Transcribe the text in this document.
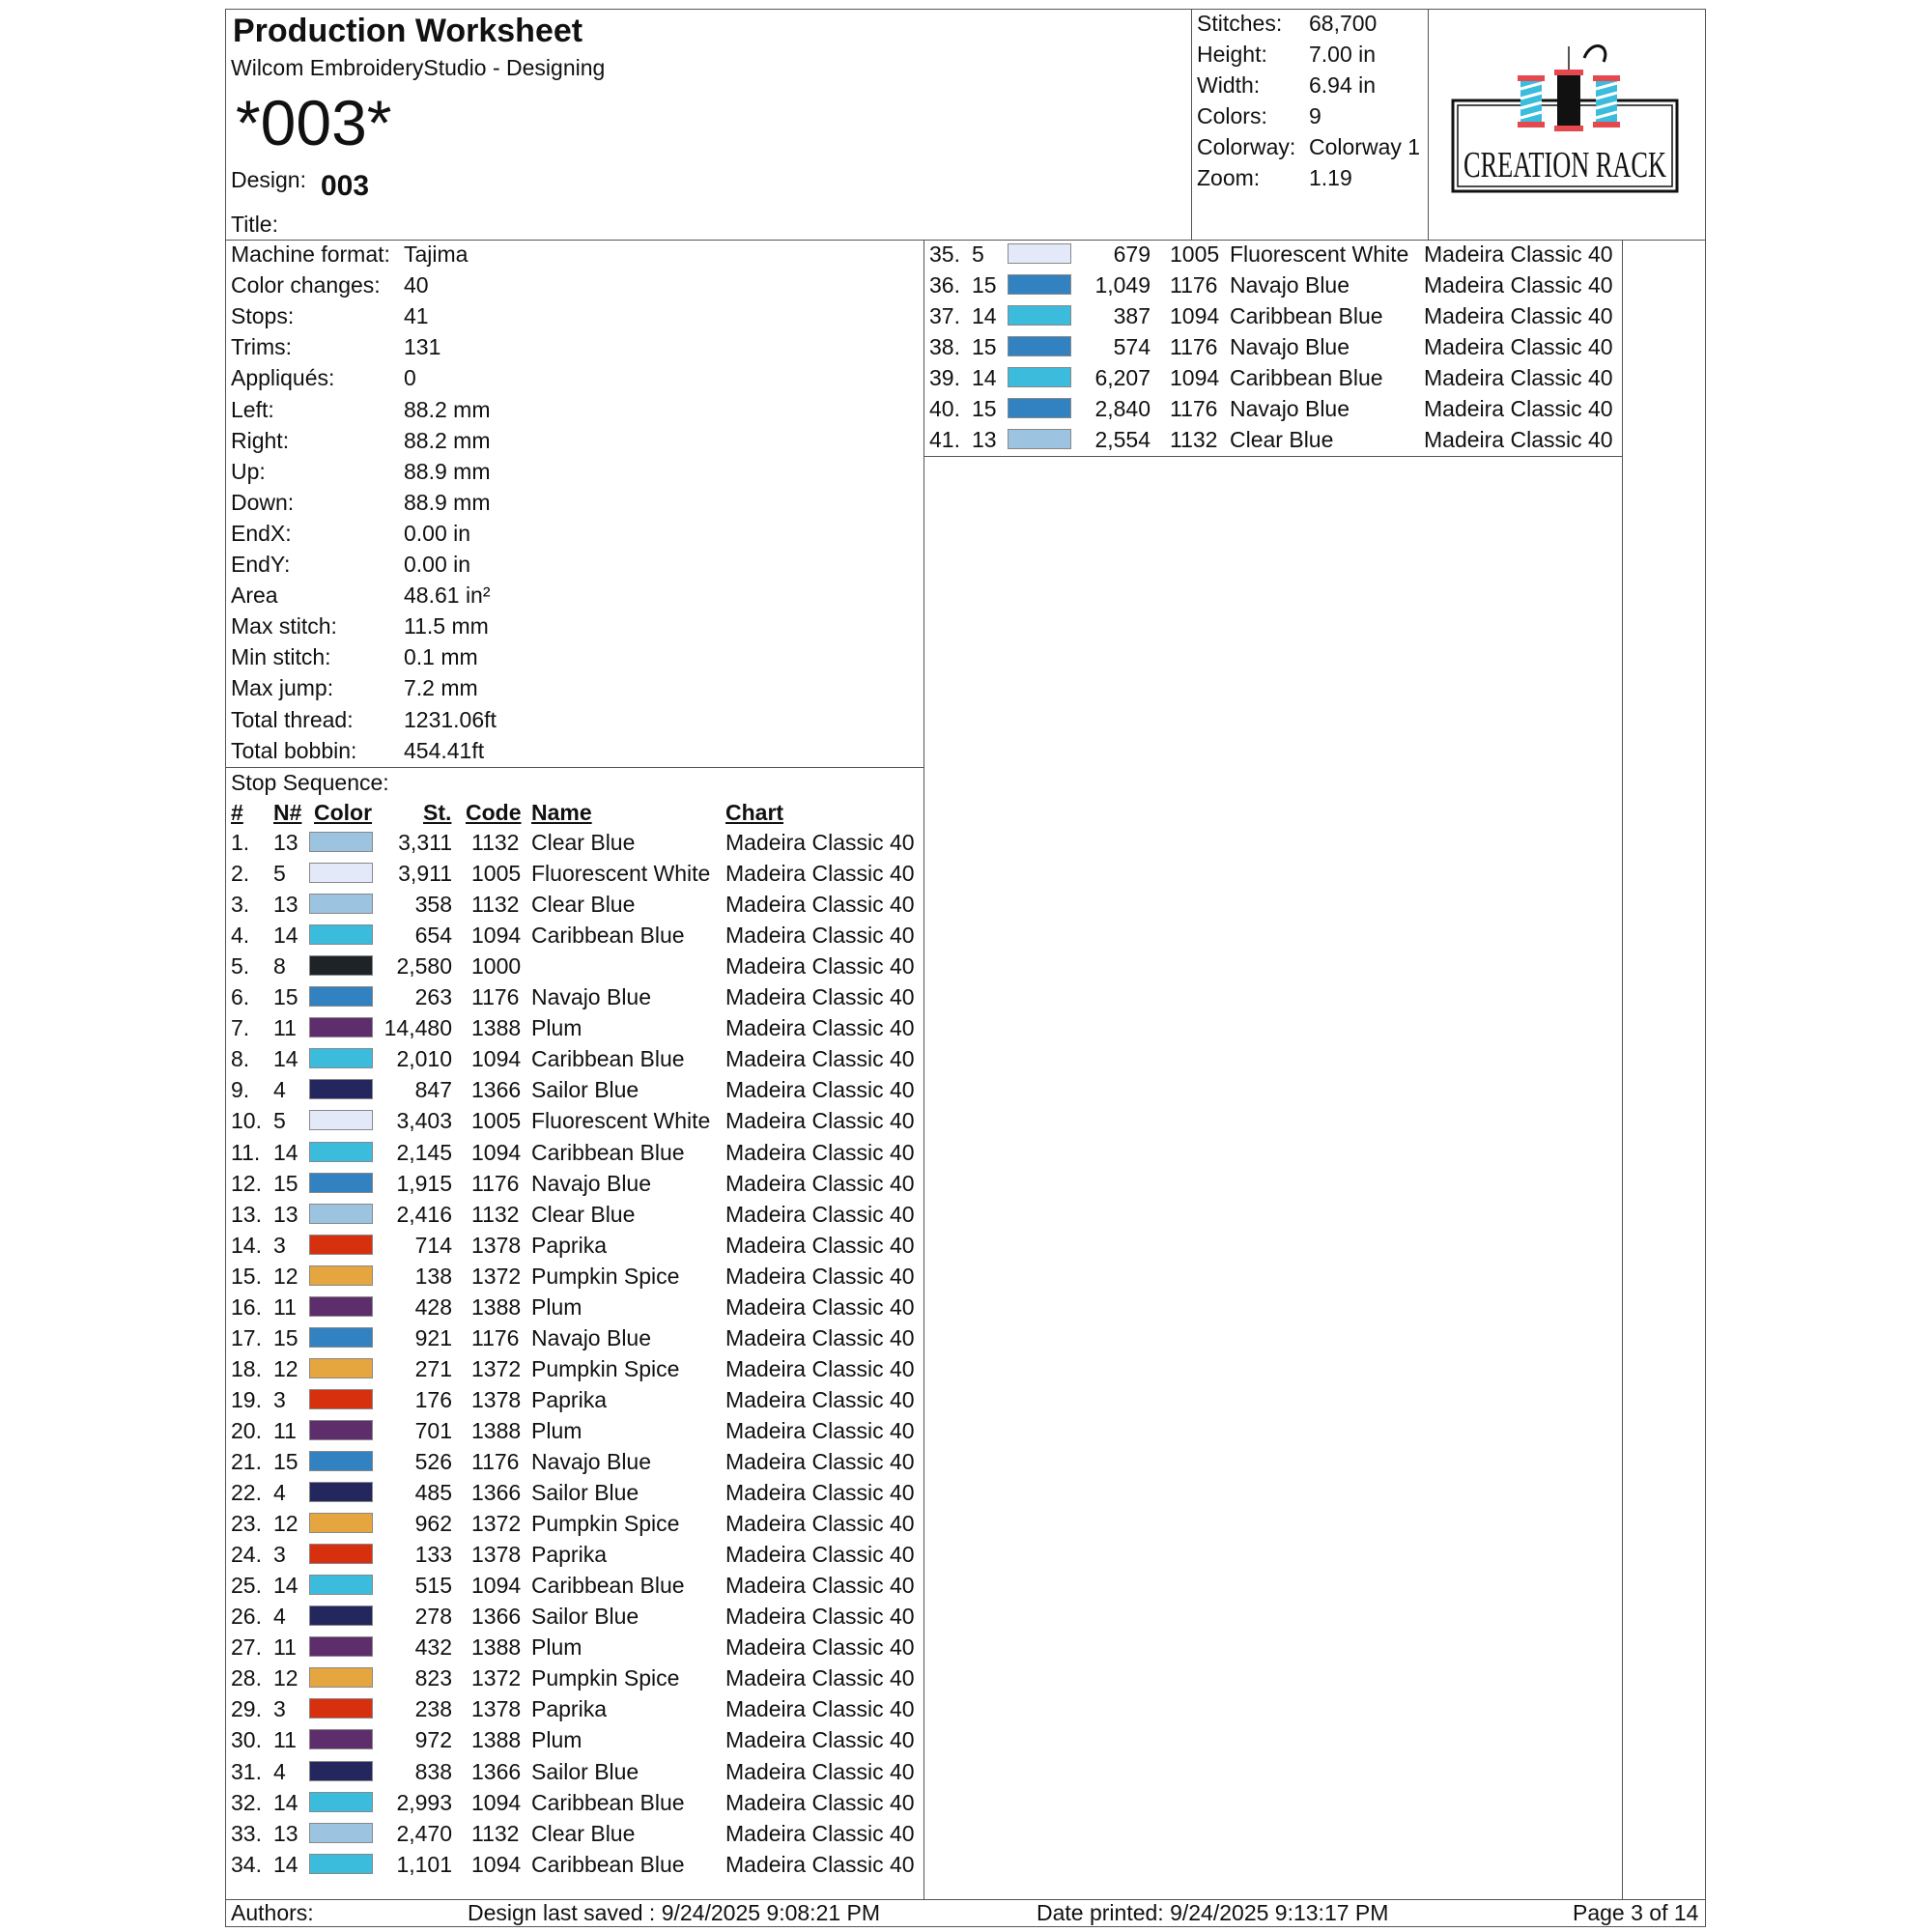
Production Worksheet
Wilcom EmbroideryStudio - Designing
*003*
Design: 003
Title:
Stitches: 68,700
Height: 7.00 in
Width: 6.94 in
Colors: 9
Colorway: Colorway 1
Zoom: 1.19	CREATION RACK
Machine format: Tajima
Color changes: 40
Stops:	41
Trims:	131
Appliqués:	0
Left:	88.2 mm
Right:	88.2 mm
Up:	88.9 mm
Down:	88.9 mm
EndX:	0.00 in
EndY:	0.00 in
Area	48.61 in²
Max stitch:	11.5 mm
Min stitch:	0.1 mm
Max jump:	7.2 mm
Total thread: 1231.06ft
Total bobbin: 454.41ft
Stop Sequence:
# N# Color St. Code Name	Chart
1. 13	3,311 1132 Clear Blue	Madeira Classic 40
2. 5	3,911 1005 Fluorescent White Madeira Classic 40
3. 13	358 1132 Clear Blue	Madeira Classic 40
4. 14	654 1094 Caribbean Blue Madeira Classic 40
5. 8	2,580 1000	Madeira Classic 40
6. 15	263 1176 Navajo Blue	Madeira Classic 40
7. 11	14,480 1388 Plum	Madeira Classic 40
8. 14	2,010 1094 Caribbean Blue Madeira Classic 40
9. 4	847 1366 Sailor Blue	Madeira Classic 40
10. 5	3,403 1005 Fluorescent White Madeira Classic 40
11. 14	2,145 1094 Caribbean Blue Madeira Classic 40
12. 15	1,915 1176 Navajo Blue	Madeira Classic 40
13. 13	2,416 1132 Clear Blue	Madeira Classic 40
14. 3	714 1378 Paprika	Madeira Classic 40
15. 12	138 1372 Pumpkin Spice Madeira Classic 40
16. 11	428 1388 Plum	Madeira Classic 40
17. 15	921 1176 Navajo Blue	Madeira Classic 40
18. 12	271 1372 Pumpkin Spice Madeira Classic 40
19. 3	176 1378 Paprika	Madeira Classic 40
20. 11	701 1388 Plum	Madeira Classic 40
21. 15	526 1176 Navajo Blue	Madeira Classic 40
22. 4	485 1366 Sailor Blue	Madeira Classic 40
23. 12	962 1372 Pumpkin Spice Madeira Classic 40
24. 3	133 1378 Paprika	Madeira Classic 40
25. 14	515 1094 Caribbean Blue Madeira Classic 40
26. 4	278 1366 Sailor Blue	Madeira Classic 40
27. 11	432 1388 Plum	Madeira Classic 40
28. 12	823 1372 Pumpkin Spice Madeira Classic 40
29. 3	238 1378 Paprika	Madeira Classic 40
30. 11	972 1388 Plum	Madeira Classic 40
31. 4	838 1366 Sailor Blue	Madeira Classic 40
32. 14	2,993 1094 Caribbean Blue Madeira Classic 40
33. 13	2,470 1132 Clear Blue	Madeira Classic 40
34. 14	1,101 1094 Caribbean Blue Madeira Classic 40
35. 5	679 1005 Fluorescent White Madeira Classic 40
36. 15	1,049 1176 Navajo Blue	Madeira Classic 40
37. 14	387 1094 Caribbean Blue Madeira Classic 40
38. 15	574 1176 Navajo Blue	Madeira Classic 40
39. 14	6,207 1094 Caribbean Blue Madeira Classic 40
40. 15	2,840 1176 Navajo Blue	Madeira Classic 40
41. 13	2,554 1132 Clear Blue	Madeira Classic 40
Authors:	Design last saved : 9/24/2025 9:08:21 PM	Date printed: 9/24/2025 9:13:17 PM	Page 3 of 14
